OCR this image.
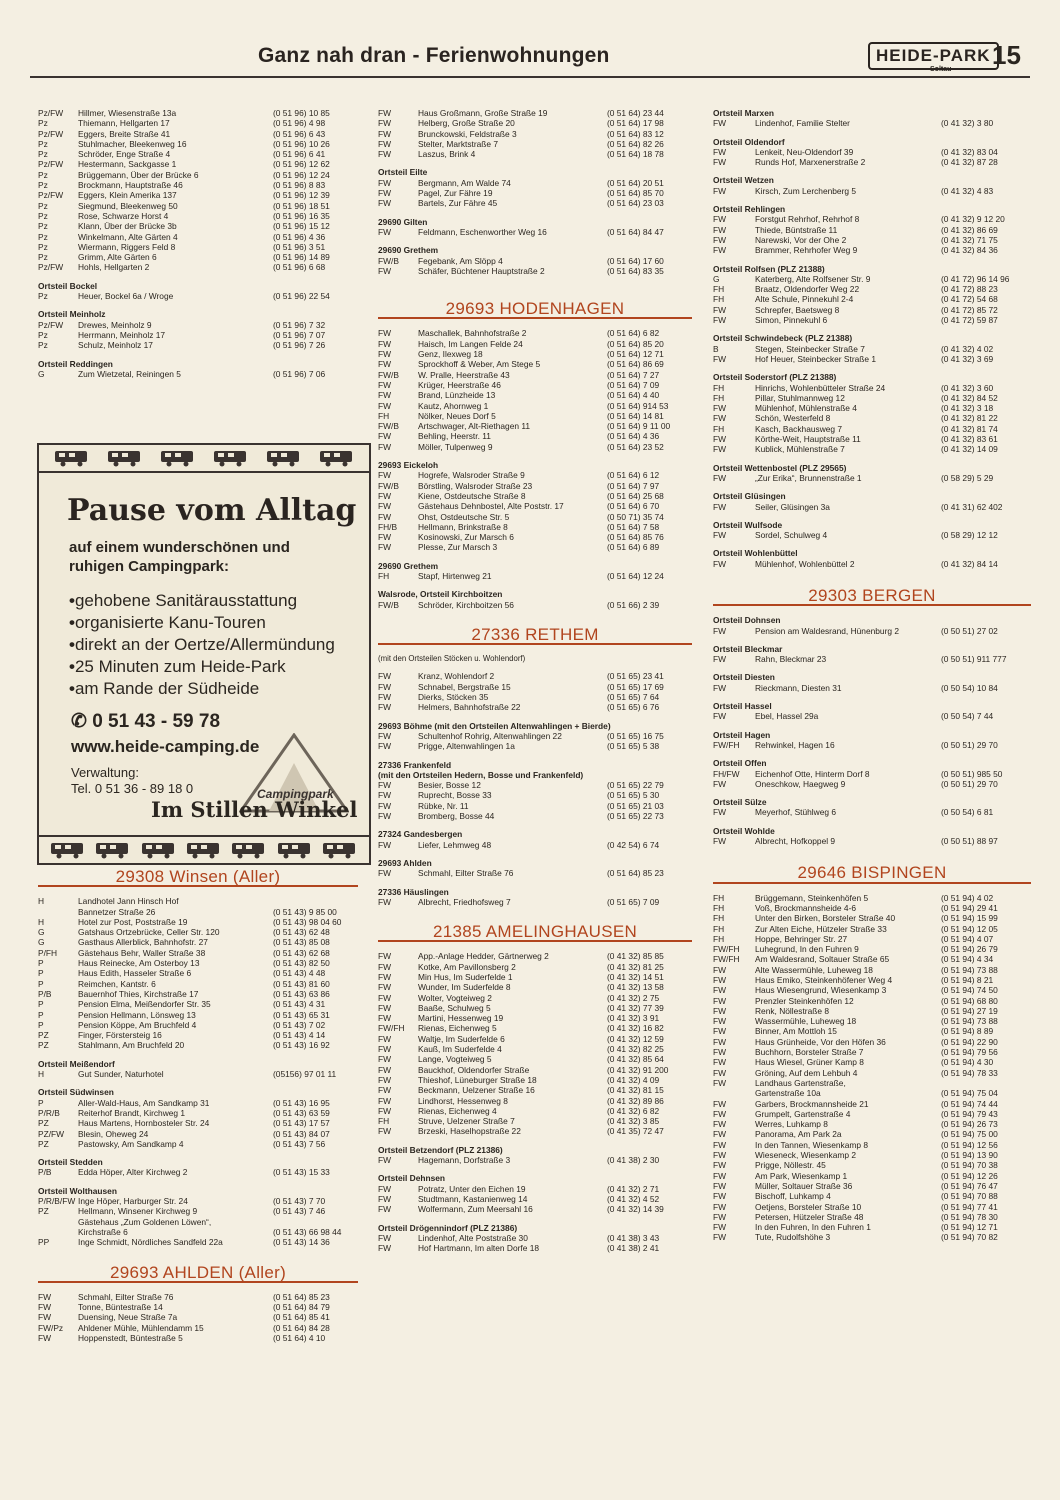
Ganz nah dran - Ferienwohnungen	HEIDE-PARK
Soltau 15
Pz/FW	Hillmer, Wiesenstraße 13a	(0 51 96) 10 85
Pz	Thiemann, Hellgarten 17	(0 51 96) 4 98
Pz/FW	Eggers, Breite Straße 41	(0 51 96) 6 43
Pz	Stuhlmacher, Bleekenweg 16	(0 51 96) 10 26
Pz	Schröder, Enge Straße 4	(0 51 96) 6 41
Pz/FW	Hestermann, Sackgasse 1	(0 51 96) 12 62
Pz	Brüggemann, Über der Brücke 6	(0 51 96) 12 24
Pz	Brockmann, Hauptstraße 46	(0 51 96) 8 83
Pz/FW	Eggers, Klein Amerika 137	(0 51 96) 12 39
Pz	Siegmund, Bleekenweg 50	(0 51 96) 18 51
Pz	Rose, Schwarze Horst 4	(0 51 96) 16 35
Pz	Klann, Über der Brücke 3b	(0 51 96) 15 12
Pz	Winkelmann, Alte Gärten 4	(0 51 96) 4 36
Pz	Wiermann, Riggers Feld 8	(0 51 96) 3 51
Pz	Grimm, Alte Gärten 6	(0 51 96) 14 89
Pz/FW	Hohls, Hellgarten 2	(0 51 96) 6 68
Ortsteil Bockel
Pz	Heuer, Bockel 6a / Wroge	(0 51 96) 22 54
Ortsteil Meinholz
Pz/FW	Drewes, Meinholz 9	(0 51 96) 7 32
Pz	Herrmann, Meinholz 17	(0 51 96) 7 07
Pz	Schulz, Meinholz 17	(0 51 96) 7 26
Ortsteil Reddingen
G	Zum Wietzetal, Reiningen 5	(0 51 96) 7 06
29308 Winsen (Aller)
H	Landhotel Jann Hinsch Hof
Bannetzer Straße 26	(0 51 43) 9 85 00
H	Hotel zur Post, Poststraße 19	(0 51 43) 98 04 60
G	Gatshaus Ortzebrücke, Celler Str. 120	(0 51 43) 62 48
G	Gasthaus Allerblick, Bahnhofstr. 27	(0 51 43) 85 08
P/FH	Gästehaus Behr, Waller Straße 38	(0 51 43) 62 68
P	Haus Reinecke, Am Osterboy 13	(0 51 43) 82 50
P	Haus Edith, Hasseler Straße 6	(0 51 43) 4 48
P	Reimchen, Kantstr. 6	(0 51 43) 81 60
P/B	Bauernhof Thies, Kirchstraße 17	(0 51 43) 63 86
P	Pension Elma, Meißendorfer Str. 35	(0 51 43) 4 31
P	Pension Hellmann, Lönsweg 13	(0 51 43) 65 31
P	Pension Köppe, Am Bruchfeld 4	(0 51 43) 7 02
PZ	Finger, Förstersteig 16	(0 51 43) 4 14
PZ	Stahlmann, Am Bruchfeld 20	(0 51 43) 16 92
Ortsteil Meißendorf
H	Gut Sunder, Naturhotel	(05156) 97 01 11
Ortsteil Südwinsen
P	Aller-Wald-Haus, Am Sandkamp 31	(0 51 43) 16 95
P/R/B	Reiterhof Brandt, Kirchweg 1	(0 51 43) 63 59
PZ	Haus Martens, Hornbosteler Str. 24	(0 51 43) 17 57
PZ/FW	Blesin, Oheweg 24	(0 51 43) 84 07
PZ	Pastowsky, Am Sandkamp 4	(0 51 43) 7 56
Ortsteil Stedden
P/B	Edda Höper, Alter Kirchweg 2	(0 51 43) 15 33
Ortsteil Wolthausen
P/R/B/FW Inge Höper, Harburger Str. 24	(0 51 43) 7 70
PZ	Hellmann, Winsener Kirchweg 9	(0 51 43) 7 46
Gästehaus „Zum Goldenen Löwen“,
Kirchstraße 6	(0 51 43) 66 98 44
PP	Inge Schmidt, Nördliches Sandfeld 22a	(0 51 43) 14 36
29693 AHLDEN (Aller)
FW	Schmahl, Eilter Straße 76	(0 51 64) 85 23
FW	Tonne, Büntestraße 14	(0 51 64) 84 79
FW	Duensing, Neue Straße 7a	(0 51 64) 85 41
FW/Pz	Ahldener Mühle, Mühlendamm 15	(0 51 64) 84 28
FW	Hoppenstedt, Büntestraße 5	(0 51 64) 4 10
FW	Haus Großmann, Große Straße 19	(0 51 64) 23 44
FW	Helberg, Große Straße 20	(0 51 64) 17 98
FW	Brunckowski, Feldstraße 3	(0 51 64) 83 12
FW	Stelter, Marktstraße 7	(0 51 64) 82 26
FW	Laszus, Brink 4	(0 51 64) 18 78
Ortsteil Eilte
FW	Bergmann, Am Walde 74	(0 51 64) 20 51
FW	Pagel, Zur Fähre 19	(0 51 64) 85 70
FW	Bartels, Zur Fähre 45	(0 51 64) 23 03
29690 Gilten
FW	Feldmann, Eschenworther Weg 16	(0 51 64) 84 47
29690 Grethem
FW/B	Fegebank, Am Slöpp 4	(0 51 64) 17 60
FW	Schäfer, Büchtener Hauptstraße 2	(0 51 64) 83 35
29693 HODENHAGEN
FW	Maschallek, Bahnhofstraße 2	(0 51 64) 6 82
FW	Haisch, Im Langen Felde 24	(0 51 64) 85 20
FW	Genz, Ilexweg 18	(0 51 64) 12 71
FW	Sprockhoff & Weber, Am Stege 5	(0 51 64) 86 69
FW/B	W. Pralle, Heerstraße 43	(0 51 64) 7 27
FW	Krüger, Heerstraße 46	(0 51 64) 7 09
FW	Brand, Lünzheide 13	(0 51 64) 4 40
FW	Kautz, Ahornweg 1	(0 51 64) 914 53
FH	Nölker, Neues Dorf 5	(0 51 64) 14 81
FW/B	Artschwager, Alt-Riethagen 11	(0 51 64) 9 11 00
FW	Behling, Heerstr. 11	(0 51 64) 4 36
FW	Möller, Tulpenweg 9	(0 51 64) 23 52
29693 Eickeloh
FW	Hogrefe, Walsroder Straße 9	(0 51 64) 6 12
FW/B	Börstling, Walsroder Straße 23	(0 51 64) 7 97
FW	Kiene, Ostdeutsche Straße 8	(0 51 64) 25 68
FW	Gästehaus Dehnbostel, Alte Poststr. 17	(0 51 64) 6 70
FW	Ohst, Ostdeutsche Str. 5	(0 50 71) 35 74
FH/B	Hellmann, Brinkstraße 8	(0 51 64) 7 58
FW	Kosinowski, Zur Marsch 6	(0 51 64) 85 76
FW	Plesse, Zur Marsch 3	(0 51 64) 6 89
29690 Grethem
FH	Stapf, Hirtenweg 21	(0 51 64) 12 24
Walsrode, Ortsteil Kirchboitzen
FW/B	Schröder, Kirchboitzen 56	(0 51 66) 2 39
27336 RETHEM
(mit den Ortsteilen Stöcken u. Wohlendorf)
FW	Kranz, Wohlendorf 2	(0 51 65) 23 41
FW	Schnabel, Bergstraße 15	(0 51 65) 17 69
FW	Dierks, Stöcken 35	(0 51 65) 7 64
FW	Helmers, Bahnhofstraße 22	(0 51 65) 6 76
29693 Böhme (mit den Ortsteilen Altenwahlingen + Bierde)
FW	Schultenhof Rohrig, Altenwahlingen 22	(0 51 65) 16 75
FW	Prigge, Altenwahlingen 1a	(0 51 65) 5 38
27336 Frankenfeld
(mit den Ortsteilen Hedern, Bosse und Frankenfeld)
FW	Besier, Bosse 12	(0 51 65) 22 79
FW	Ruprecht, Bosse 33	(0 51 65) 5 30
FW	Rübke, Nr. 11	(0 51 65) 21 03
FW	Bromberg, Bosse 44	(0 51 65) 22 73
27324 Gandesbergen
FW	Liefer, Lehmweg 48	(0 42 54) 6 74
29693 Ahlden
FW	Schmahl, Eilter Straße 76	(0 51 64) 85 23
27336 Häuslingen
FW	Albrecht, Friedhofsweg 7	(0 51 65) 7 09
21385 AMELINGHAUSEN
FW	App.-Anlage Hedder, Gärtnerweg 2	(0 41 32) 85 85
FW	Kotke, Am Pavillonsberg 2	(0 41 32) 81 25
FW	Min Hus, Im Suderfelde 1	(0 41 32) 14 51
FW	Wunder, Im Suderfelde 8	(0 41 32) 13 58
FW	Wolter, Vogteiweg 2	(0 41 32) 2 75
FW	Baaße, Schulweg 5	(0 41 32) 77 39
FW	Martini, Hessenweg 19	(0 41 32) 3 91
FW/FH	Rienas, Eichenweg 5	(0 41 32) 16 82
FW	Waltje, Im Suderfelde 6	(0 41 32) 12 59
FW	Kauß, Im Suderfelde 4	(0 41 32) 82 25
FW	Lange, Vogteiweg 5	(0 41 32) 85 64
FW	Bauckhof, Oldendorfer Straße	(0 41 32) 91 200
FW	Thieshof, Lüneburger Straße 18	(0 41 32) 4 09
FW	Beckmann, Uelzener Straße 16	(0 41 32) 81 15
FW	Lindhorst, Hessenweg 8	(0 41 32) 89 86
FW	Rienas, Eichenweg 4	(0 41 32) 6 82
FH	Struve, Uelzener Straße 7	(0 41 32) 3 85
FW	Brzeski, Haselhopstraße 22	(0 41 35) 72 47
Ortsteil Betzendorf (PLZ 21386)
FW	Hagemann, Dorfstraße 3	(0 41 38) 2 30
Ortsteil Dehnsen
FW	Potratz, Unter den Eichen 19	(0 41 32) 2 71
FW	Studtmann, Kastanienweg 14	(0 41 32) 4 52
FW	Wolfermann, Zum Meersahl 16	(0 41 32) 14 39
Ortsteil Drögennindorf (PLZ 21386)
FW	Lindenhof, Alte Poststraße 30	(0 41 38) 3 43
FW	Hof Hartmann, Im alten Dorfe 18	(0 41 38) 2 41
Ortsteil Marxen
FW	Lindenhof, Familie Stelter	(0 41 32) 3 80
Ortsteil Oldendorf
FW	Lenkeit, Neu-Oldendorf 39	(0 41 32) 83 04
FW	Runds Hof, Marxenerstraße 2	(0 41 32) 87 28
Ortsteil Wetzen
FW	Kirsch, Zum Lerchenberg 5	(0 41 32) 4 83
Ortsteil Rehlingen
FW	Forstgut Rehrhof, Rehrhof 8	(0 41 32) 9 12 20
FW	Thiede, Büntstraße 11	(0 41 32) 86 69
FW	Narewski, Vor der Ohe 2	(0 41 32) 71 75
FW	Brammer, Rehrhofer Weg 9	(0 41 32) 84 36
Ortsteil Rolfsen (PLZ 21388)
G	Katerberg, Alte Rolfsener Str. 9	(0 41 72) 96 14 96
FH	Braatz, Oldendorfer Weg 22	(0 41 72) 88 23
FH	Alte Schule, Pinnekuhl 2-4	(0 41 72) 54 68
FW	Schrepfer, Baetsweg 8	(0 41 72) 85 72
FW	Simon, Pinnekuhl 6	(0 41 72) 59 87
Ortsteil Schwindebeck (PLZ 21388)
B	Stegen, Steinbecker Straße 7	(0 41 32) 4 02
FW	Hof Heuer, Steinbecker Straße 1	(0 41 32) 3 69
Ortsteil Soderstorf (PLZ 21388)
FH	Hinrichs, Wohlenbütteler Straße 24	(0 41 32) 3 60
FH	Pillar, Stuhlmannweg 12	(0 41 32) 84 52
FW	Mühlenhof, Mühlenstraße 4	(0 41 32) 3 18
FW	Schön, Westerfeld 8	(0 41 32) 81 22
FH	Kasch, Backhausweg 7	(0 41 32) 81 74
FW	Körthe-Weit, Hauptstraße 11	(0 41 32) 83 61
FW	Kublick, Mühlenstraße 7	(0 41 32) 14 09
Ortsteil Wettenbostel (PLZ 29565)
FW	„Zur Erika“, Brunnenstraße 1	(0 58 29) 5 29
Ortsteil Glüsingen
FW	Seiler, Glüsingen 3a	(0 41 31) 62 402
Ortsteil Wulfsode
FW	Sordel, Schulweg 4	(0 58 29) 12 12
Ortsteil Wohlenbüttel
FW	Mühlenhof, Wohlenbüttel 2	(0 41 32) 84 14
29303 BERGEN
Ortsteil Dohnsen
FW	Pension am Waldesrand, Hünenburg 2	(0 50 51) 27 02
Ortsteil Bleckmar
FW	Rahn, Bleckmar 23	(0 50 51) 911 777
Ortsteil Diesten
FW	Rieckmann, Diesten 31	(0 50 54) 10 84
Ortsteil Hassel
FW	Ebel, Hassel 29a	(0 50 54) 7 44
Ortsteil Hagen
FW/FH	Rehwinkel, Hagen 16	(0 50 51) 29 70
Ortsteil Offen
FH/FW	Eichenhof Otte, Hinterm Dorf 8	(0 50 51) 985 50
FW	Oneschkow, Haegweg 9	(0 50 51) 29 70
Ortsteil Sülze
FW	Meyerhof, Stühlweg 6	(0 50 54) 6 81
Ortsteil Wohlde
FW	Albrecht, Hofkoppel 9	(0 50 51) 88 97
29646 BISPINGEN
FH	Brüggemann, Steinkenhöfen 5	(0 51 94) 4 02
FH	Voß, Brockmannsheide 4-6	(0 51 94) 29 41
FH	Unter den Birken, Borsteler Straße 40	(0 51 94) 15 99
FH	Zur Alten Eiche, Hützeler Straße 33	(0 51 94) 12 05
FH	Hoppe, Behringer Str. 27	(0 51 94) 4 07
FW/FH	Luhegrund, In den Fuhren 9	(0 51 94) 26 79
FW/FH	Am Waldesrand, Soltauer Straße 65	(0 51 94) 4 34
FW	Alte Wassermühle, Luheweg 18	(0 51 94) 73 88
FW	Haus Emiko, Steinkenhöfener Weg 4	(0 51 94) 8 21
FW	Haus Wiesengrund, Wiesenkamp 3	(0 51 94) 74 50
FW	Prenzler Steinkenhöfen 12	(0 51 94) 68 80
FW	Renk, Nöllestraße 8	(0 51 94) 27 19
FW	Wassermühle, Luheweg 18	(0 51 94) 73 88
FW	Binner, Am Mottloh 15	(0 51 94) 8 89
FW	Haus Grünheide, Vor den Höfen 36	(0 51 94) 22 90
FW	Buchhorn, Borsteler Straße 7	(0 51 94) 79 56
FW	Haus Wiesel, Grüner Kamp 8	(0 51 94) 4 30
FW	Gröning, Auf dem Lehbuh 4	(0 51 94) 78 33
FW	Landhaus Gartenstraße,
Gartenstraße 10a	(0 51 94) 75 04
FW	Garbers, Brockmannsheide 21	(0 51 94) 74 44
FW	Grumpelt, Gartenstraße 4	(0 51 94) 79 43
FW	Werres, Luhkamp 8	(0 51 94) 26 73
FW	Panorama, Am Park 2a	(0 51 94) 75 00
FW	In den Tannen, Wiesenkamp 8	(0 51 94) 12 56
FW	Wieseneck, Wiesenkamp 2	(0 51 94) 13 90
FW	Prigge, Nöllestr. 45	(0 51 94) 70 38
FW	Am Park, Wiesenkamp 1	(0 51 94) 12 26
FW	Müller, Soltauer Straße 36	(0 51 94) 76 47
FW	Bischoff, Luhkamp 4	(0 51 94) 70 88
FW	Oetjens, Borsteler Straße 10	(0 51 94) 77 41
FW	Petersen, Hützeler Straße 48	(0 51 94) 78 30
FW	In den Fuhren, In den Fuhren 1	(0 51 94) 12 71
FW	Tute, Rudolfshöhe 3	(0 51 94) 70 82
Pause vom Alltag
auf einem wunderschönen und ruhigen Campingpark:
• gehobene Sanitärausstattung
• organisierte Kanu-Touren
• direkt an der Oertze/Allermündung
• 25 Minuten zum Heide-Park
• am Rande der Südheide
✆ 0 51 43 - 59 78
www.heide-camping.de
Verwaltung:
Tel. 0 51 36 - 89 18 0	Campingpark
Im Stillen Winkel
